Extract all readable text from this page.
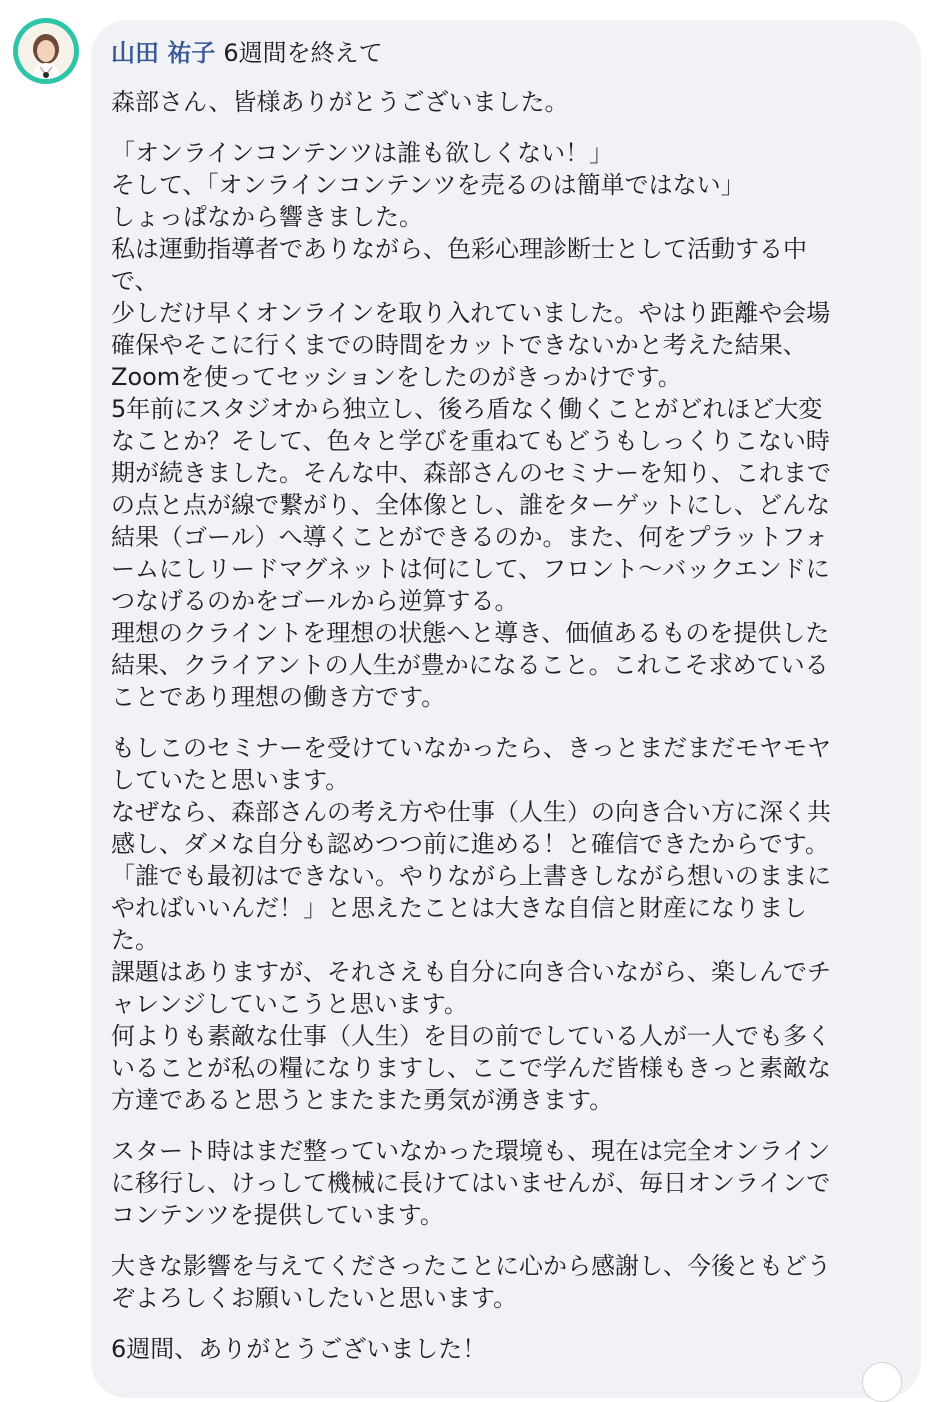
山田 祐子 6週間を終えて
森部さん、皆様ありがとうございました。
「オンラインコンテンツは誰も欲しくない！」
そして、「オンラインコンテンツを売るのは簡単ではない」
しょっぱなから響きました。
私は運動指導者でありながら、色彩心理診断士として活動する中
で、
少しだけ早くオンラインを取り入れていました。やはり距離や会場
確保やそこに行くまでの時間をカットできないかと考えた結果、
Zoomを使ってセッションをしたのがきっかけです。
5年前にスタジオから独立し、後ろ盾なく働くことがどれほど大変
なことか？そして、色々と学びを重ねてもどうもしっくりこない時
期が続きました。そんな中、森部さんのセミナーを知り、これまで
の点と点が線で繋がり、全体像とし、誰をターゲットにし、どんな
結果（ゴール）へ導くことができるのか。また、何をプラットフォ
ームにしリードマグネットは何にして、フロント〜バックエンドに
つなげるのかをゴールから逆算する。
理想のクライントを理想の状態へと導き、価値あるものを提供した
結果、クライアントの人生が豊かになること。これこそ求めている
ことであり理想の働き方です。
もしこのセミナーを受けていなかったら、きっとまだまだモヤモヤ
していたと思います。
なぜなら、森部さんの考え方や仕事（人生）の向き合い方に深く共
感し、ダメな自分も認めつつ前に進める！と確信できたからです。
「誰でも最初はできない。やりながら上書きしながら想いのままに
やればいいんだ！」と思えたことは大きな自信と財産になりまし
た。
課題はありますが、それさえも自分に向き合いながら、楽しんでチ
ャレンジしていこうと思います。
何よりも素敵な仕事（人生）を目の前でしている人が一人でも多く
いることが私の糧になりますし、ここで学んだ皆様もきっと素敵な
方達であると思うとまたまた勇気が湧きます。
スタート時はまだ整っていなかった環境も、現在は完全オンライン
に移行し、けっして機械に長けてはいませんが、毎日オンラインで
コンテンツを提供しています。
大きな影響を与えてくださったことに心から感謝し、今後ともどう
ぞよろしくお願いしたいと思います。
6週間、ありがとうございました！
